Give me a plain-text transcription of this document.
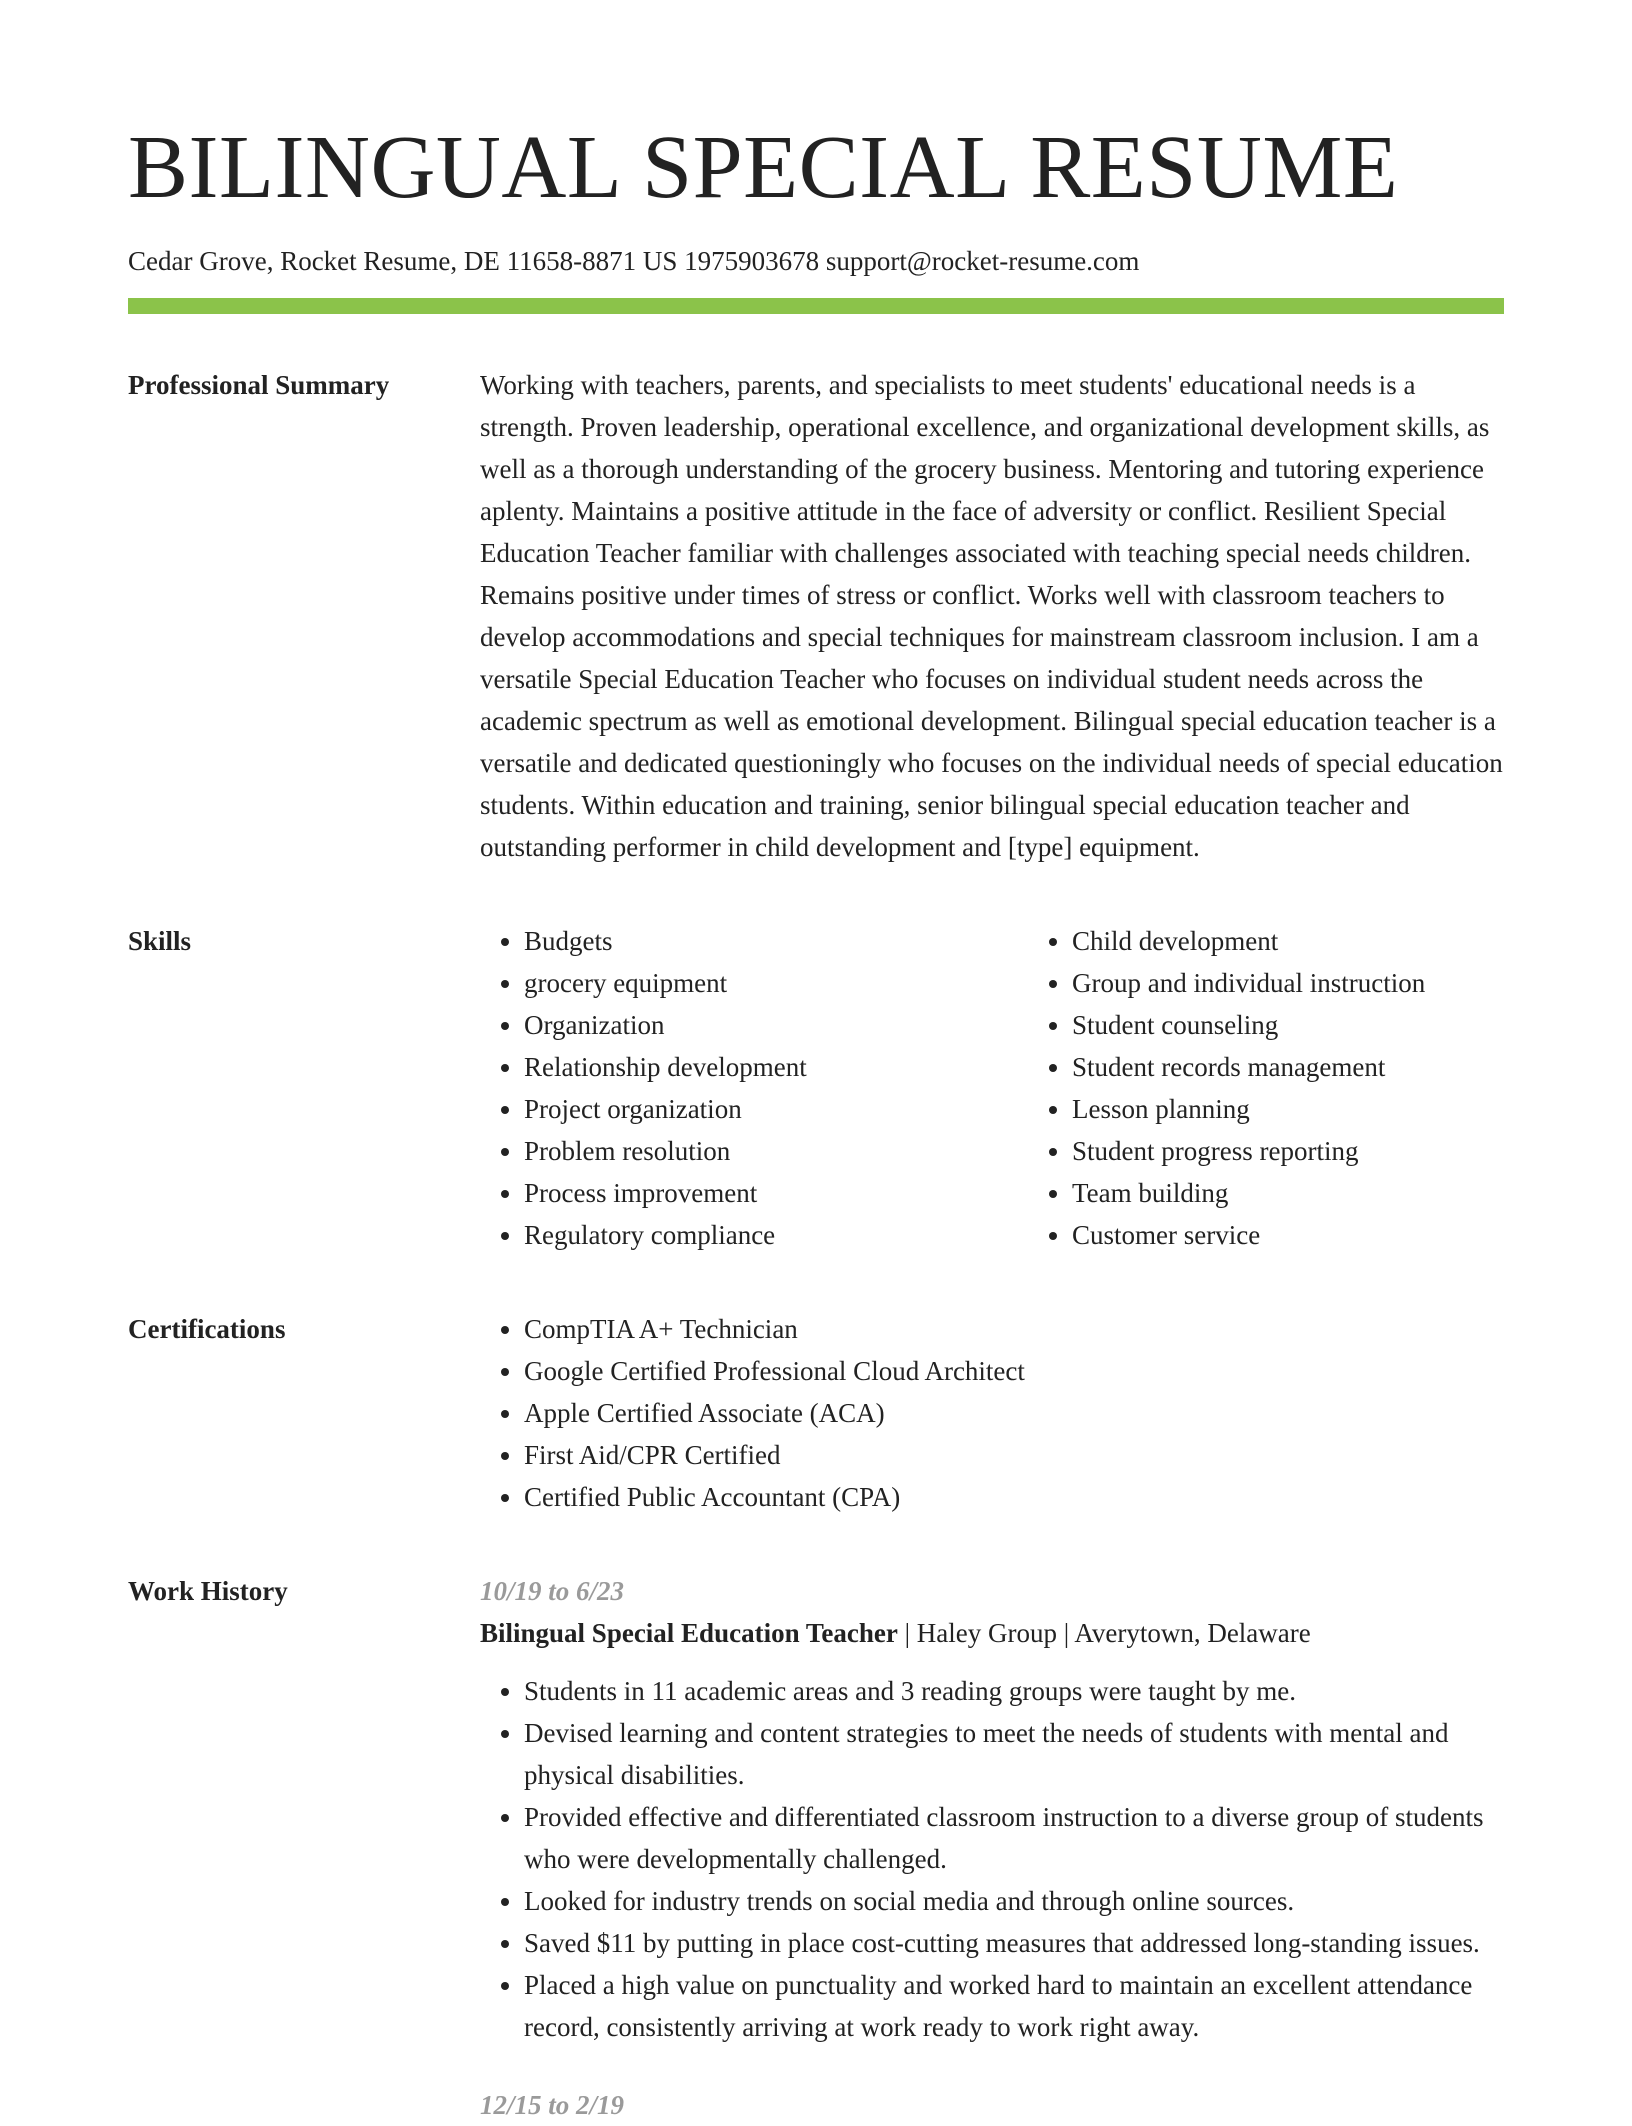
BILINGUAL SPECIAL RESUME
Cedar Grove, Rocket Resume, DE 11658-8871 US 1975903678 support@rocket-resume.com
Professional Summary	Working with teachers, parents, and specialists to meet students' educational needs is a strength. Proven leadership, operational excellence, and organizational development skills, as well as a thorough understanding of the grocery business. Mentoring and tutoring experience aplenty. Maintains a positive attitude in the face of adversity or conflict. Resilient Special Education Teacher familiar with challenges associated with teaching special needs children. Remains positive under times of stress or conflict. Works well with classroom teachers to develop accommodations and special techniques for mainstream classroom inclusion. I am a versatile Special Education Teacher who focuses on individual student needs across the academic spectrum as well as emotional development. Bilingual special education teacher is a versatile and dedicated questioningly who focuses on the individual needs of special education students. Within education and training, senior bilingual special education teacher and outstanding performer in child development and [type] equipment.

Skills	• Budgets
• grocery equipment
• Organization
• Relationship development
• Project organization
• Problem resolution
• Process improvement
• Regulatory compliance
• Child development
• Group and individual instruction
• Student counseling
• Student records management
• Lesson planning
• Student progress reporting
• Team building
• Customer service
Certifications	• CompTIA A+ Technician
• Google Certified Professional Cloud Architect
• Apple Certified Associate (ACA)
• First Aid/CPR Certified
• Certified Public Accountant (CPA)
Work History	10/19 to 6/23
Bilingual Special Education Teacher | Haley Group | Averytown, Delaware
• Students in 11 academic areas and 3 reading groups were taught by me.
• Devised learning and content strategies to meet the needs of students with mental and physical disabilities.
• Provided effective and differentiated classroom instruction to a diverse group of students who were developmentally challenged.
• Looked for industry trends on social media and through online sources.
• Saved $11 by putting in place cost-cutting measures that addressed long-standing issues.
• Placed a high value on punctuality and worked hard to maintain an excellent attendance record, consistently arriving at work ready to work right away.
12/15 to 2/19
